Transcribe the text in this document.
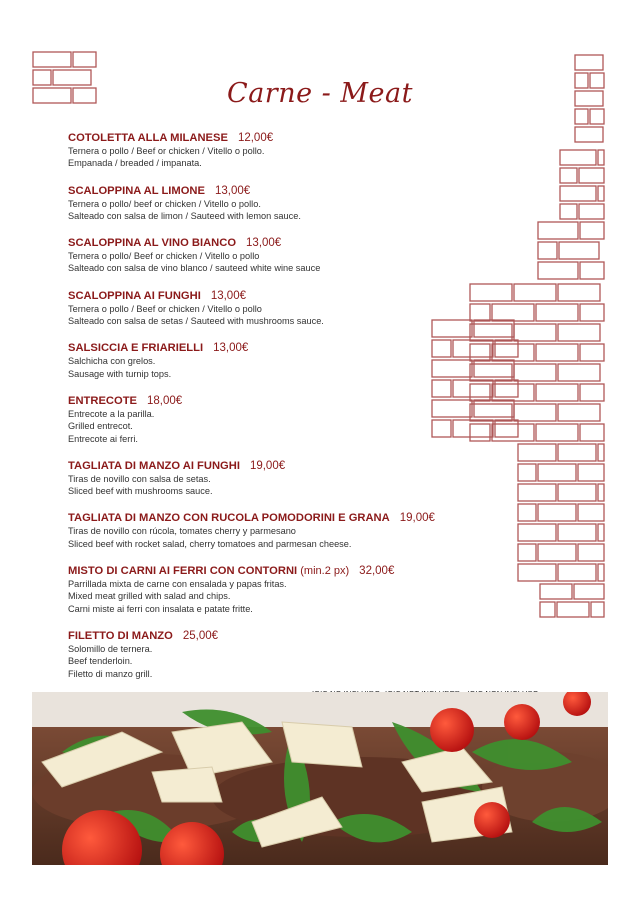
Carne - Meat
COTOLETTA ALLA MILANESE 12,00€
Ternera o pollo / Beef or chicken / Vitello o pollo.
Empanada / breaded / impanata.
SCALOPPINA AL LIMONE 13,00€
Ternera o pollo/ beef or chicken / Vitello o pollo.
Salteado con salsa de limon / Sauteed with lemon sauce.
SCALOPPINA AL VINO BIANCO 13,00€
Ternera o pollo/ Beef or chicken / Vitello o pollo
Salteado con salsa de vino blanco / sauteed white wine sauce
SCALOPPINA AI FUNGHI 13,00€
Ternera o pollo / Beef or chicken / Vitello o pollo
Salteado con salsa de setas / Sauteed with mushrooms sauce.
SALSICCIA E FRIARIELLI 13,00€
Salchicha con grelos.
Sausage with turnip tops.
ENTRECOTE 18,00€
Entrecote a la parilla.
Grilled entrecot.
Entrecote ai ferri.
TAGLIATA DI MANZO AI FUNGHI 19,00€
Tiras de novillo con salsa de setas.
Sliced beef with mushrooms sauce.
TAGLIATA DI MANZO CON RUCOLA POMODORINI E GRANA 19,00€
Tiras de novillo con rúcola, tomates cherry y parmesano
Sliced beef with rocket salad, cherry tomatoes and parmesan cheese.
MISTO DI CARNI AI FERRI CON CONTORNI (min.2 px) 32,00€
Parrillada mixta de carne con ensalada y papas fritas.
Mixed meat grilled with salad and chips.
Carni miste ai ferri con insalata e patate fritte.
FILETTO DI MANZO 25,00€
Solomillo de ternera.
Beef tenderloin.
Filetto di manzo grill.
